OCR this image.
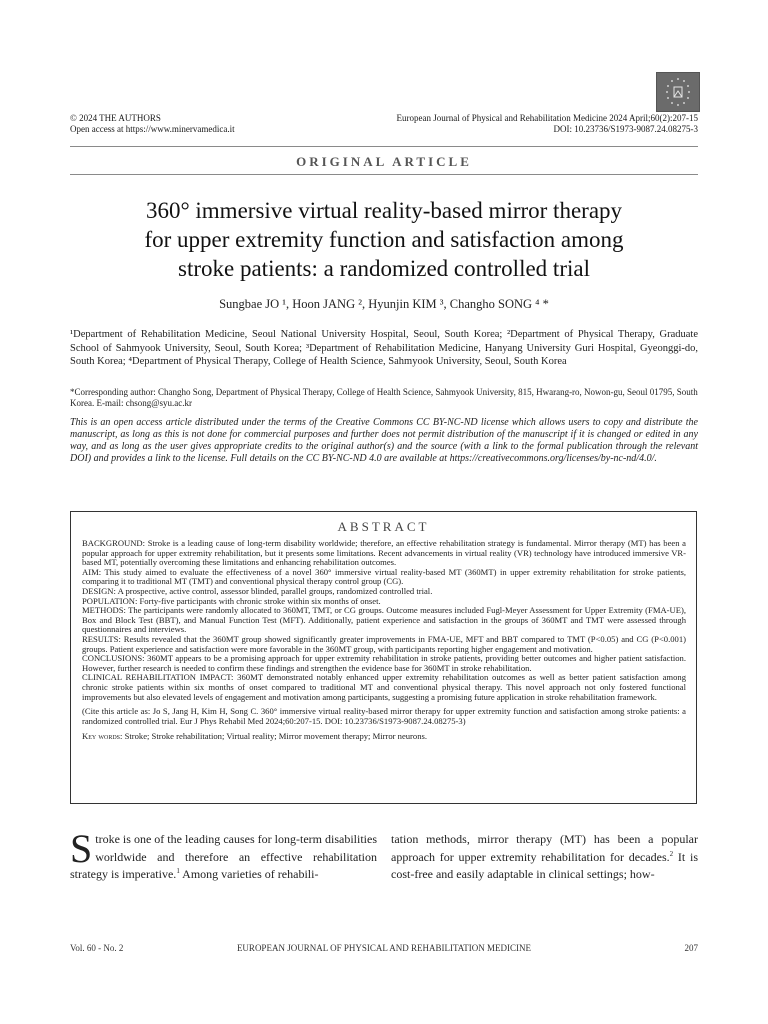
© 2024 THE AUTHORS
Open access at https://www.minervamedica.it
European Journal of Physical and Rehabilitation Medicine 2024 April;60(2):207-15
DOI: 10.23736/S1973-9087.24.08275-3
ORIGINAL ARTICLE
360° immersive virtual reality-based mirror therapy
for upper extremity function and satisfaction among
stroke patients: a randomized controlled trial
Sungbae JO ¹, Hoon JANG ², Hyunjin KIM ³, Changho SONG ⁴ *
¹Department of Rehabilitation Medicine, Seoul National University Hospital, Seoul, South Korea; ²Department of Physical Therapy, Graduate School of Sahmyook University, Seoul, South Korea; ³Department of Rehabilitation Medicine, Hanyang University Guri Hospital, Gyeonggi-do, South Korea; ⁴Department of Physical Therapy, College of Health Science, Sahmyook University, Seoul, South Korea
*Corresponding author: Changho Song, Department of Physical Therapy, College of Health Science, Sahmyook University, 815, Hwarang-ro, Nowon-gu, Seoul 01795, South Korea. E-mail: chsong@syu.ac.kr
This is an open access article distributed under the terms of the Creative Commons CC BY-NC-ND license which allows users to copy and distribute the manuscript, as long as this is not done for commercial purposes and further does not permit distribution of the manuscript if it is changed or edited in any way, and as long as the user gives appropriate credits to the original author(s) and the source (with a link to the formal publication through the relevant DOI) and provides a link to the license. Full details on the CC BY-NC-ND 4.0 are available at https://creativecommons.org/licenses/by-nc-nd/4.0/.
ABSTRACT

BACKGROUND: Stroke is a leading cause of long-term disability worldwide; therefore, an effective rehabilitation strategy is fundamental. Mirror therapy (MT) has been a popular approach for upper extremity rehabilitation, but it presents some limitations. Recent advancements in virtual reality (VR) technology have introduced immersive VR-based MT, potentially overcoming these limitations and enhancing rehabilitation outcomes.

AIM: This study aimed to evaluate the effectiveness of a novel 360° immersive virtual reality-based MT (360MT) in upper extremity rehabilitation for stroke patients, comparing it to traditional MT (TMT) and conventional physical therapy control group (CG).

DESIGN: A prospective, active control, assessor blinded, parallel groups, randomized controlled trial.

POPULATION: Forty-five participants with chronic stroke within six months of onset.

METHODS: The participants were randomly allocated to 360MT, TMT, or CG groups. Outcome measures included Fugl-Meyer Assessment for Upper Extremity (FMA-UE), Box and Block Test (BBT), and Manual Function Test (MFT). Additionally, patient experience and satisfaction in the groups of 360MT and TMT were assessed through questionnaires and interviews.

RESULTS: Results revealed that the 360MT group showed significantly greater improvements in FMA-UE, MFT and BBT compared to TMT (P<0.05) and CG (P<0.001) groups. Patient experience and satisfaction were more favorable in the 360MT group, with participants reporting higher engagement and motivation.

CONCLUSIONS: 360MT appears to be a promising approach for upper extremity rehabilitation in stroke patients, providing better outcomes and higher patient satisfaction. However, further research is needed to confirm these findings and strengthen the evidence base for 360MT in stroke rehabilitation.

CLINICAL REHABILITATION IMPACT: 360MT demonstrated notably enhanced upper extremity rehabilitation outcomes as well as better patient satisfaction among chronic stroke patients within six months of onset compared to traditional MT and conventional physical therapy. This novel approach not only fostered functional improvements but also elevated levels of engagement and motivation among participants, suggesting a promising future application in stroke rehabilitation framework.

(Cite this article as: Jo S, Jang H, Kim H, Song C. 360° immersive virtual reality-based mirror therapy for upper extremity function and satisfaction among stroke patients: a randomized controlled trial. Eur J Phys Rehabil Med 2024;60:207-15. DOI: 10.23736/S1973-9087.24.08275-3)

Key words: Stroke; Stroke rehabilitation; Virtual reality; Mirror movement therapy; Mirror neurons.

Stroke is one of the leading causes for long-term disabilities worldwide and therefore an effective rehabilitation strategy is imperative.$^1$ Among varieties of rehabili-
tation methods, mirror therapy (MT) has been a popular approach for upper extremity rehabilitation for decades.$^2$ It is cost-free and easily adaptable in clinical settings; how-
Vol. 60 - No. 2	EUROPEAN JOURNAL OF PHYSICAL AND REHABILITATION MEDICINE	207
